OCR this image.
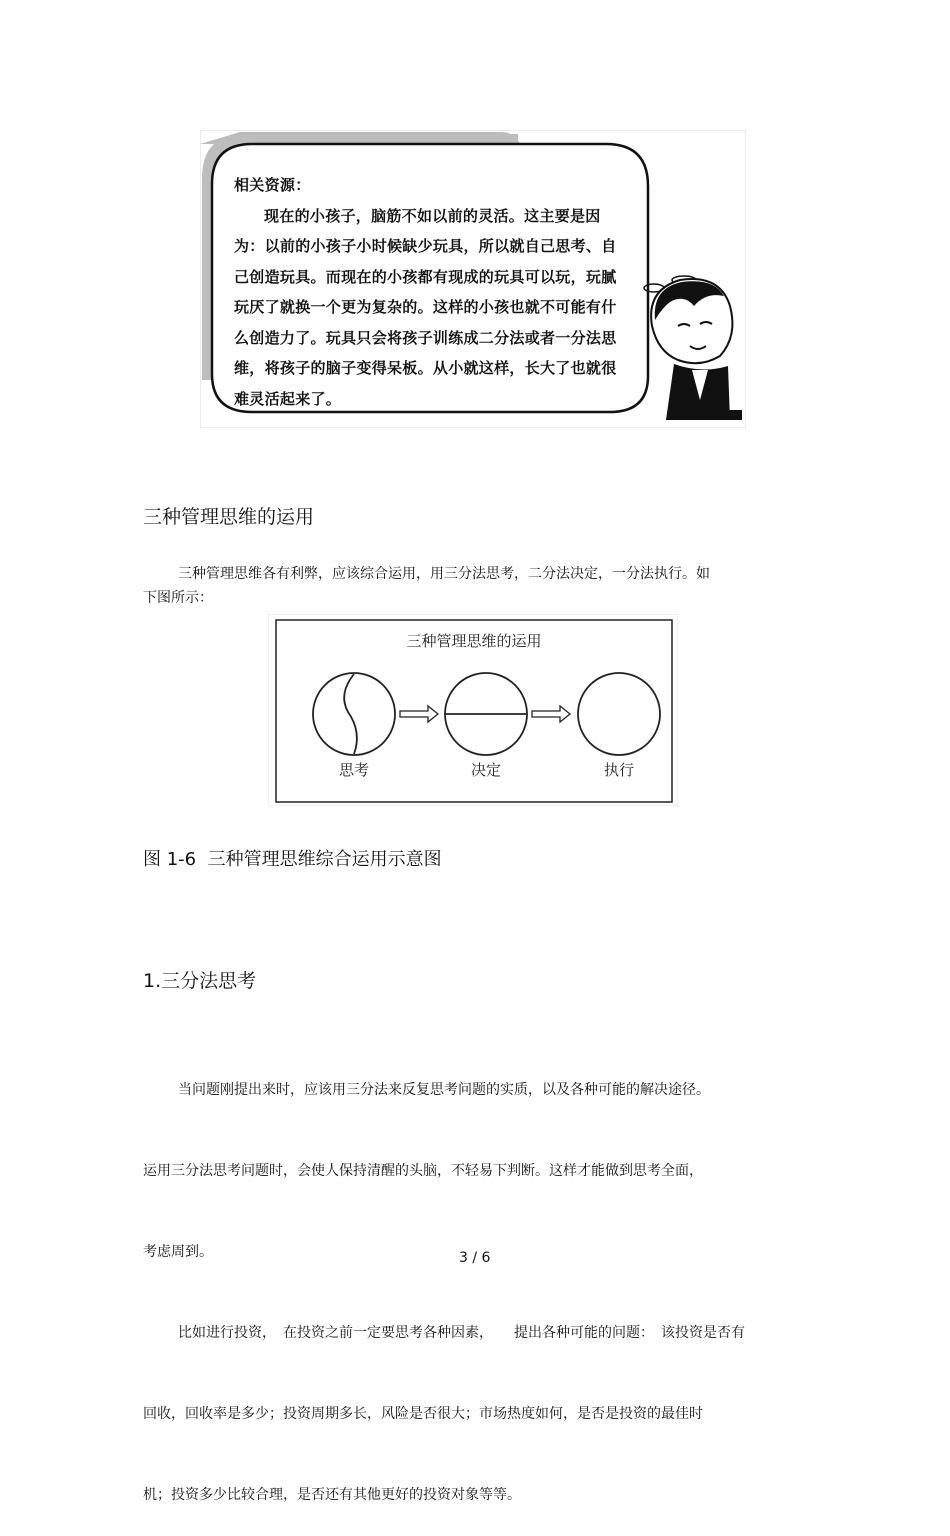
相关资源：
现在的小孩子，脑筋不如以前的灵活。这主要是因为：以前的小孩子小时候缺少玩具，所以就自己思考、自己创造玩具。而现在的小孩都有现成的玩具可以玩，玩腻玩厌了就换一个更为复杂的。这样的小孩也就不可能有什么创造力了。玩具只会将孩子训练成二分法或者一分法思维，将孩子的脑子变得呆板。从小就这样，长大了也就很难灵活起来了。
三种管理思维的运用
三种管理思维各有利弊，应该综合运用，用三分法思考，二分法决定，一分法执行。如
下图所示：
三种管理思维的运用
思考	决定	执行
图 1-6  三种管理思维综合运用示意图
1.三分法思考

当问题刚提出来时，应该用三分法来反复思考问题的实质，以及各种可能的解决途径。

运用三分法思考问题时，会使人保持清醒的头脑，不轻易下判断。这样才能做到思考全面，

考虑周到。

比如进行投资，　在投资之前一定要思考各种因素，　　提出各种可能的问题：　该投资是否有

回收，回收率是多少；投资周期多长，风险是否很大；市场热度如何，是否是投资的最佳时

机；投资多少比较合理，是否还有其他更好的投资对象等等。

3 / 6
